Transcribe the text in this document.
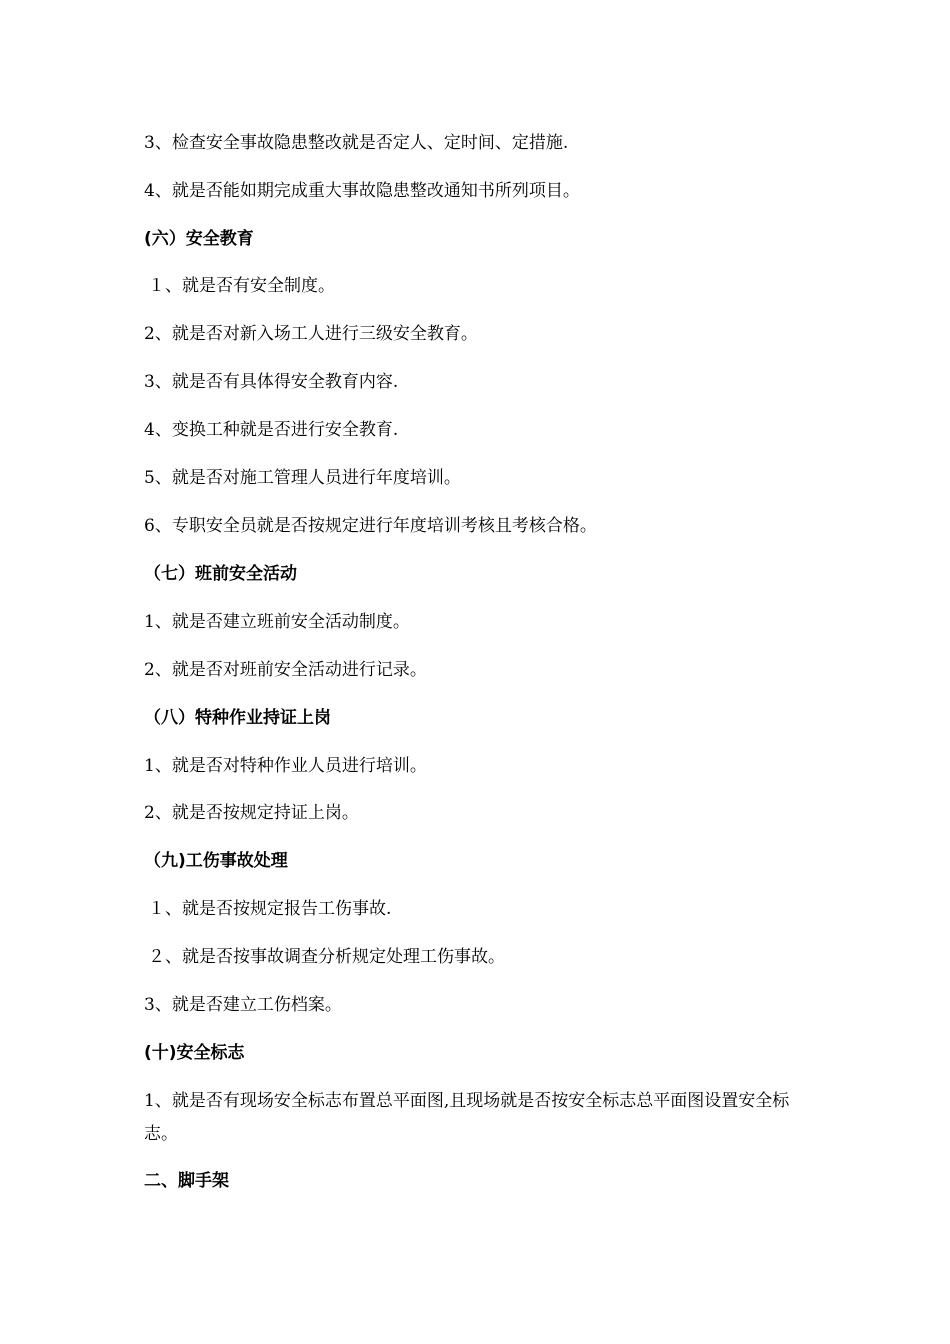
3、检查安全事故隐患整改就是否定人、定时间、定措施.
4、就是否能如期完成重大事故隐患整改通知书所列项目。
(六）安全教育
１、就是否有安全制度。
2、就是否对新入场工人进行三级安全教育。
3、就是否有具体得安全教育内容.
4、变换工种就是否进行安全教育.
5、就是否对施工管理人员进行年度培训。
6、专职安全员就是否按规定进行年度培训考核且考核合格。
（七）班前安全活动
1、就是否建立班前安全活动制度。
2、就是否对班前安全活动进行记录。
（八）特种作业持证上岗
1、就是否对特种作业人员进行培训。
2、就是否按规定持证上岗。
（九)工伤事故处理
１、就是否按规定报告工伤事故.
２、就是否按事故调查分析规定处理工伤事故。
3、就是否建立工伤档案。
(十)安全标志
1、就是否有现场安全标志布置总平面图,且现场就是否按安全标志总平面图设置安全标志。
二、脚手架
